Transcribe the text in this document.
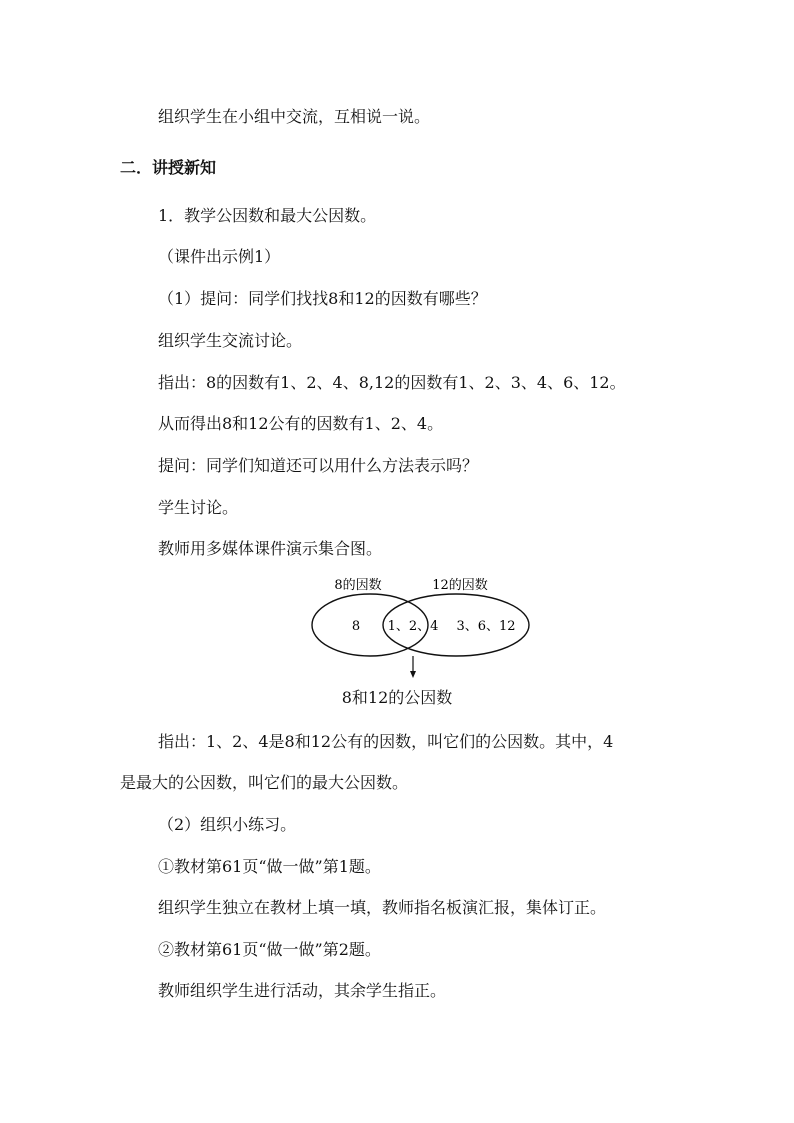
组织学生在小组中交流，互相说一说。

二．讲授新知

1．教学公因数和最大公因数。

（课件出示例1）

（1）提问：同学们找找8和12的因数有哪些？

组织学生交流讨论。

指出：8的因数有1、2、4、8,12的因数有1、2、3、4、6、12。

从而得出8和12公有的因数有1、2、4。

提问：同学们知道还可以用什么方法表示吗？

学生讨论。

教师用多媒体课件演示集合图。

8的因数	12的因数
8 1、2、4 3、6、12

8和12的公因数

指出：1、2、4是8和12公有的因数，叫它们的公因数。其中，4

是最大的公因数，叫它们的最大公因数。

（2）组织小练习。

①教材第61页“做一做”第1题。

组织学生独立在教材上填一填，教师指名板演汇报，集体订正。

②教材第61页“做一做”第2题。

教师组织学生进行活动，其余学生指正。
